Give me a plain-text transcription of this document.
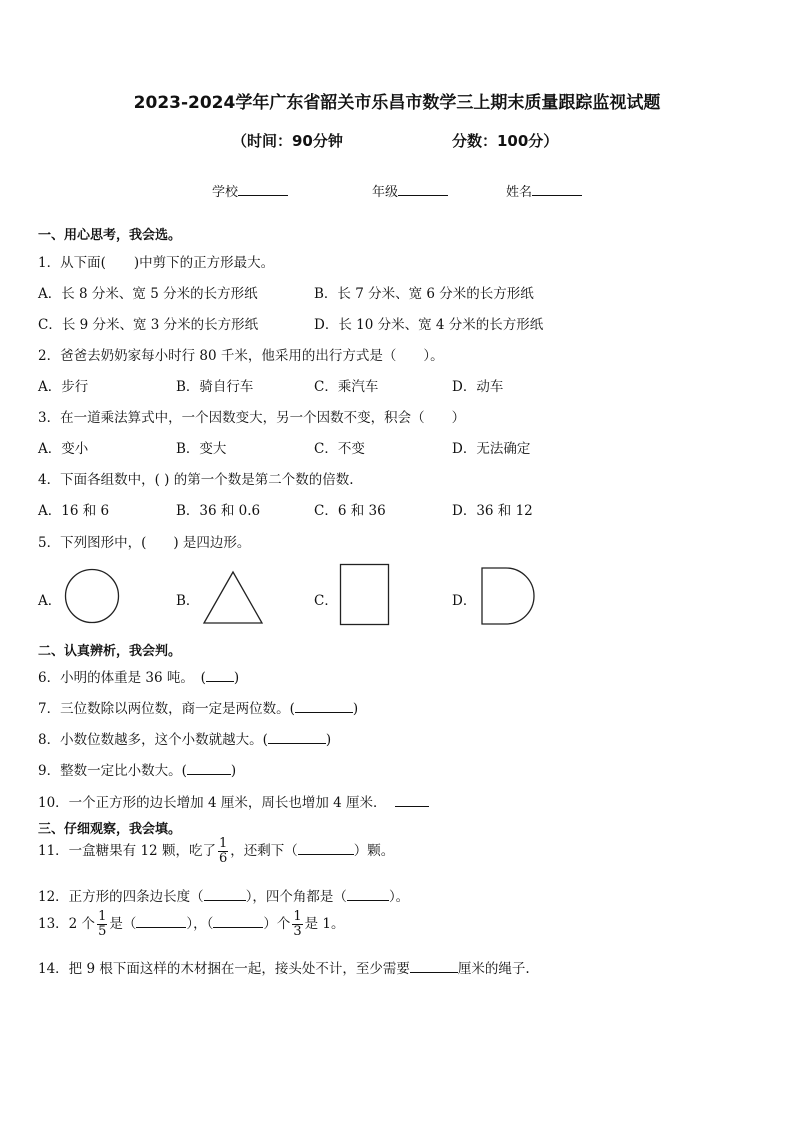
2023-2024学年广东省韶关市乐昌市数学三上期末质量跟踪监视试题
（时间：90分钟	分数：100分）
学校	年级	姓名
一、用心思考，我会选。
1．从下面( )中剪下的正方形最大。
A．长 8 分米、宽 5 分米的长方形纸	B．长 7 分米、宽 6 分米的长方形纸
C．长 9 分米、宽 3 分米的长方形纸	D．长 10 分米、宽 4 分米的长方形纸
2．爸爸去奶奶家每小时行 80 千米，他采用的出行方式是（　　）。
A．步行	B．骑自行车	C．乘汽车	D．动车
3．在一道乘法算式中，一个因数变大，另一个因数不变，积会（　　）
A．变小	B．变大	C．不变	D．无法确定
4．下面各组数中，( ) 的第一个数是第二个数的倍数.
A．16 和 6	B．36 和 0.6	C．6 和 36	D．36 和 12
5．下列图形中，(　　) 是四边形。
A．	B．	C．	D．
二、认真辨析，我会判。
6．小明的体重是 36 吨。　( )
7．三位数除以两位数，商一定是两位数。(	)
8．小数位数越多，这个小数就越大。(	)
9．整数一定比小数大。(	)
10．一个正方形的边长增加 4 厘米，周长也增加 4 厘米．
三、仔细观察，我会填。
11．一盒糖果有 12 颗，吃了 $\frac{1}{6}$ ，还剩下（	）颗。
12．正方形的四条边长度（	），四个角都是（	）。
13．2 个 $\frac{1}{5}$ 是（	），（	）个 $\frac{1}{3}$ 是 1。
14．把 9 根下面这样的木材捆在一起，接头处不计，至少需要	厘米的绳子.
